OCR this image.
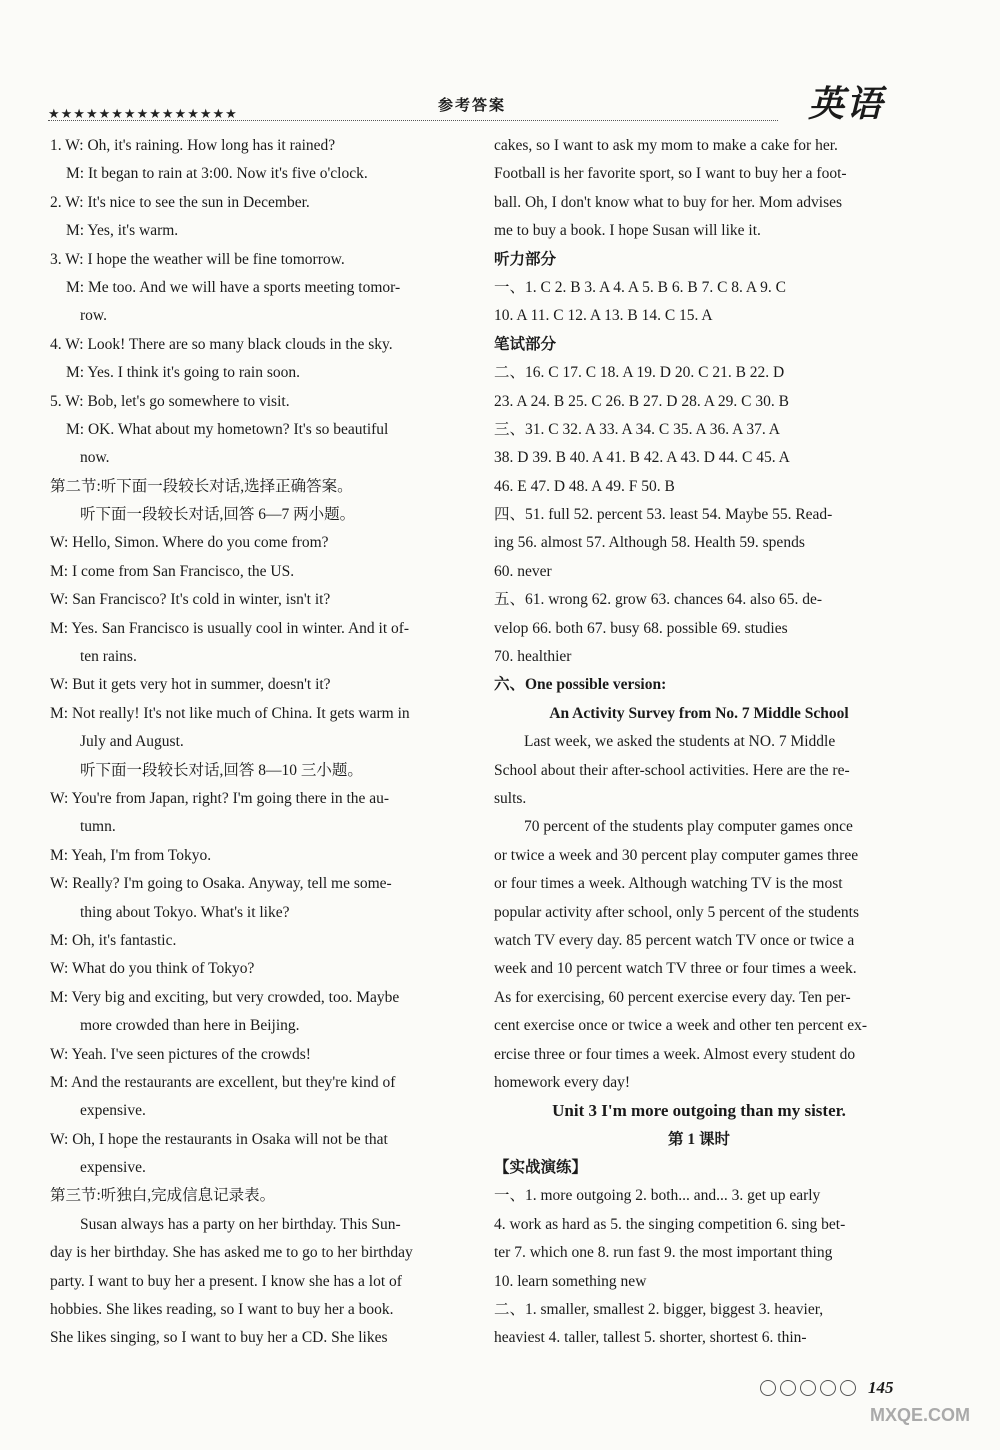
★★★★★★★★★★★★★★★	参考答案	英语
1. W: Oh, it's raining. How long has it rained?
M: It began to rain at 3:00. Now it's five o'clock.
2. W: It's nice to see the sun in December.
M: Yes, it's warm.
3. W: I hope the weather will be fine tomorrow.
M: Me too. And we will have a sports meeting tomor-
row.
4. W: Look! There are so many black clouds in the sky.
M: Yes. I think it's going to rain soon.
5. W: Bob, let's go somewhere to visit.
M: OK. What about my hometown? It's so beautiful
now.
第二节:听下面一段较长对话,选择正确答案。
听下面一段较长对话,回答 6—7 两小题。
W: Hello, Simon. Where do you come from?
M: I come from San Francisco, the US.
W: San Francisco? It's cold in winter, isn't it?
M: Yes. San Francisco is usually cool in winter. And it of-
ten rains.
W: But it gets very hot in summer, doesn't it?
M: Not really! It's not like much of China. It gets warm in
July and August.
听下面一段较长对话,回答 8—10 三小题。
W: You're from Japan, right? I'm going there in the au-
tumn.
M: Yeah, I'm from Tokyo.
W: Really? I'm going to Osaka. Anyway, tell me some-
thing about Tokyo. What's it like?
M: Oh, it's fantastic.
W: What do you think of Tokyo?
M: Very big and exciting, but very crowded, too. Maybe
more crowded than here in Beijing.
W: Yeah. I've seen pictures of the crowds!
M: And the restaurants are excellent, but they're kind of
expensive.
W: Oh, I hope the restaurants in Osaka will not be that
expensive.
第三节:听独白,完成信息记录表。
Susan always has a party on her birthday. This Sun-
day is her birthday. She has asked me to go to her birthday
party. I want to buy her a present. I know she has a lot of
hobbies. She likes reading, so I want to buy her a book.
She likes singing, so I want to buy her a CD. She likes
cakes, so I want to ask my mom to make a cake for her.
Football is her favorite sport, so I want to buy her a foot-
ball. Oh, I don't know what to buy for her. Mom advises
me to buy a book. I hope Susan will like it.
听力部分
一、1. C 2. B 3. A 4. A 5. B 6. B 7. C 8. A 9. C
10. A 11. C 12. A 13. B 14. C 15. A
笔试部分
二、16. C 17. C 18. A 19. D 20. C 21. B 22. D
23. A 24. B 25. C 26. B 27. D 28. A 29. C 30. B
三、31. C 32. A 33. A 34. C 35. A 36. A 37. A
38. D 39. B 40. A 41. B 42. A 43. D 44. C 45. A
46. E 47. D 48. A 49. F 50. B
四、51. full 52. percent 53. least 54. Maybe 55. Read-
ing 56. almost 57. Although 58. Health 59. spends
60. never
五、61. wrong 62. grow 63. chances 64. also 65. de-
velop 66. both 67. busy 68. possible 69. studies
70. healthier
六、One possible version:
An Activity Survey from No. 7 Middle School
Last week, we asked the students at NO. 7 Middle
School about their after-school activities. Here are the re-
sults.
70 percent of the students play computer games once
or twice a week and 30 percent play computer games three
or four times a week. Although watching TV is the most
popular activity after school, only 5 percent of the students
watch TV every day. 85 percent watch TV once or twice a
week and 10 percent watch TV three or four times a week.
As for exercising, 60 percent exercise every day. Ten per-
cent exercise once or twice a week and other ten percent ex-
ercise three or four times a week. Almost every student do
homework every day!
Unit 3 I'm more outgoing than my sister.
第 1 课时
【实战演练】
一、1. more outgoing 2. both... and... 3. get up early
4. work as hard as 5. the singing competition 6. sing bet-
ter 7. which one 8. run fast 9. the most important thing
10. learn something new
二、1. smaller, smallest 2. bigger, biggest 3. heavier,
heaviest 4. taller, tallest 5. shorter, shortest 6. thin-
145
MXQE.COM
